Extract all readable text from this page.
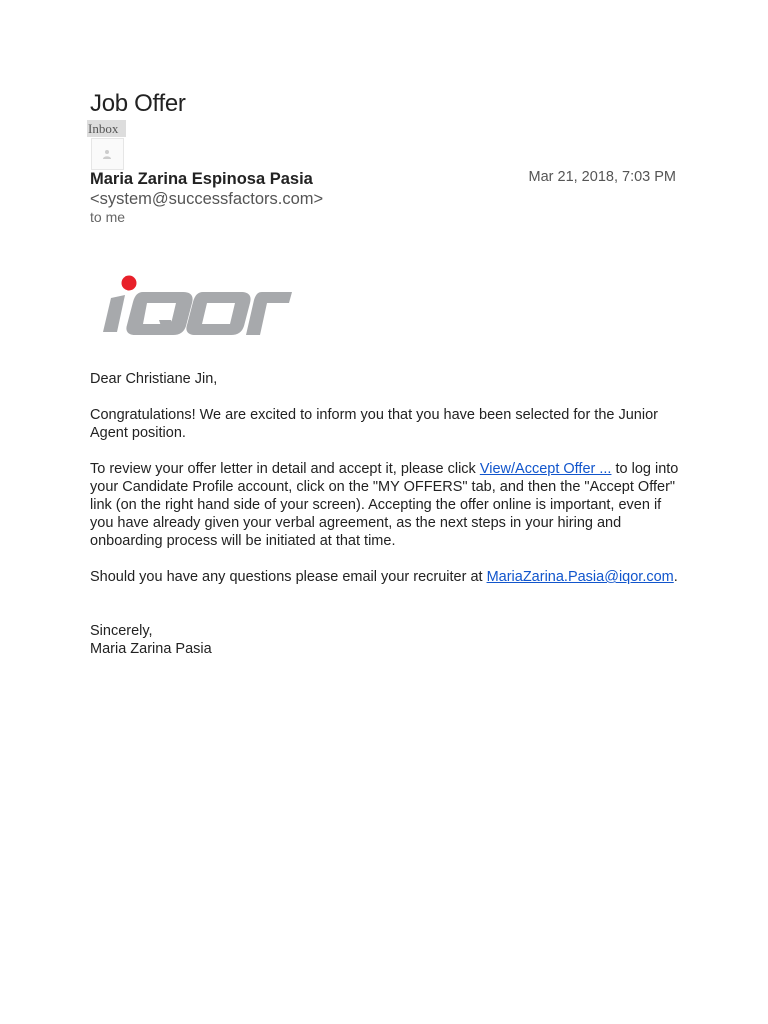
Job Offer
Inbox
Maria Zarina Espinosa Pasia <system@successfactors.com>
to me
Mar 21, 2018, 7:03 PM

Dear Christiane Jin,

Congratulations! We are excited to inform you that you have been selected for the Junior Agent position.

To review your offer letter in detail and accept it, please click View/Accept Offer ... to log into your Candidate Profile account, click on the "MY OFFERS" tab, and then the "Accept Offer" link (on the right hand side of your screen). Accepting the offer online is important, even if you have already given your verbal agreement, as the next steps in your hiring and onboarding process will be initiated at that time.

Should you have any questions please email your recruiter at MariaZarina.Pasia@iqor.com.

Sincerely,
Maria Zarina Pasia
